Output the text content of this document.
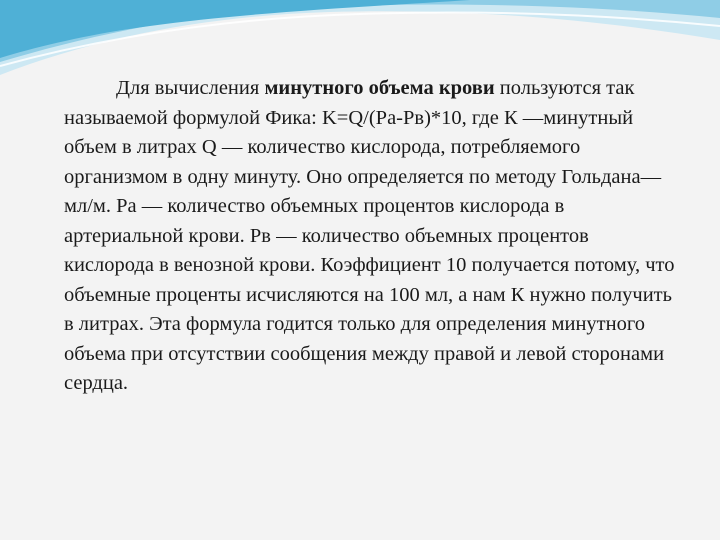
Для вычисления минутного объема крови пользуются так называемой формулой Фика: K=Q/(Pa-Pв)*10, где К —минутный объем в литрах Q — количество кислорода, потребляемого организмом в одну минуту. Оно определяется по методу Гольдана—мл/м. Pa — количество объемных процентов кислорода в артериальной крови. Pв — количество объемных процентов кислорода в венозной крови. Коэффициент 10 получается потому, что объемные проценты исчисляются на 100 мл, а нам К нужно получить в литрах. Эта формула годится только для определения минутного объема при отсутствии сообщения между правой и левой сторонами сердца.
